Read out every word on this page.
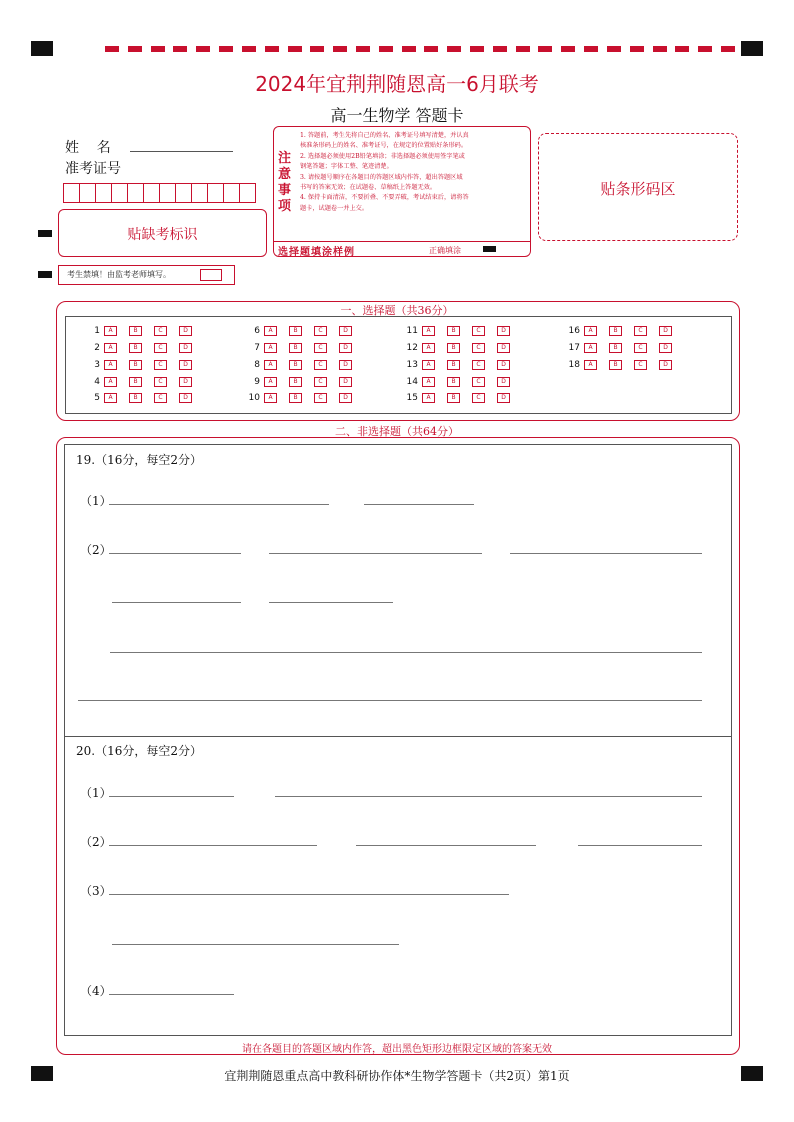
2024年宜荆荆随恩高一6月联考
高一生物学 答题卡
姓    名
准考证号
贴缺考标识
考生禁填！由监考老师填写。
注意事项
1. 答题前，考生先将自己的姓名、准考证号填写清楚，并认真
核准条形码上的姓名、准考证号，在规定的位置贴好条形码。
2. 选择题必须使用2B铅笔填涂；非选择题必须使用签字笔或
钢笔答题；字体工整、笔迹清楚。
3. 请按题号顺序在各题目的答题区域内作答，超出答题区域
书写的答案无效；在试题卷、草稿纸上答题无效。
4. 保持卡面清洁，不要折叠、不要弄破，考试结束后，请将答
题卡，试题卷一并上交。
选择题填涂样例	正确填涂
贴条形码区
一、选择题（共36分）
1	A	B	C	D
2	A	B	C	D
3	A	B	C	D
4	A	B	C	D
5	A	B	C	D
6	A	B	C	D
7	A	B	C	D
8	A	B	C	D
9	A	B	C	D
10	A	B	C	D
11	A	B	C	D
12	A	B	C	D
13	A	B	C	D
14	A	B	C	D
15	A	B	C	D
16	A	B	C	D
17	A	B	C	D
18	A	B	C	D
二、非选择题（共64分）
19.（16分，每空2分）
（1）
（2）
20.（16分，每空2分）
（1）
（2）
（3）
（4）
请在各题目的答题区域内作答，超出黑色矩形边框限定区域的答案无效
宜荆荆随恩重点高中教科研协作体*生物学答题卡（共2页）第1页
